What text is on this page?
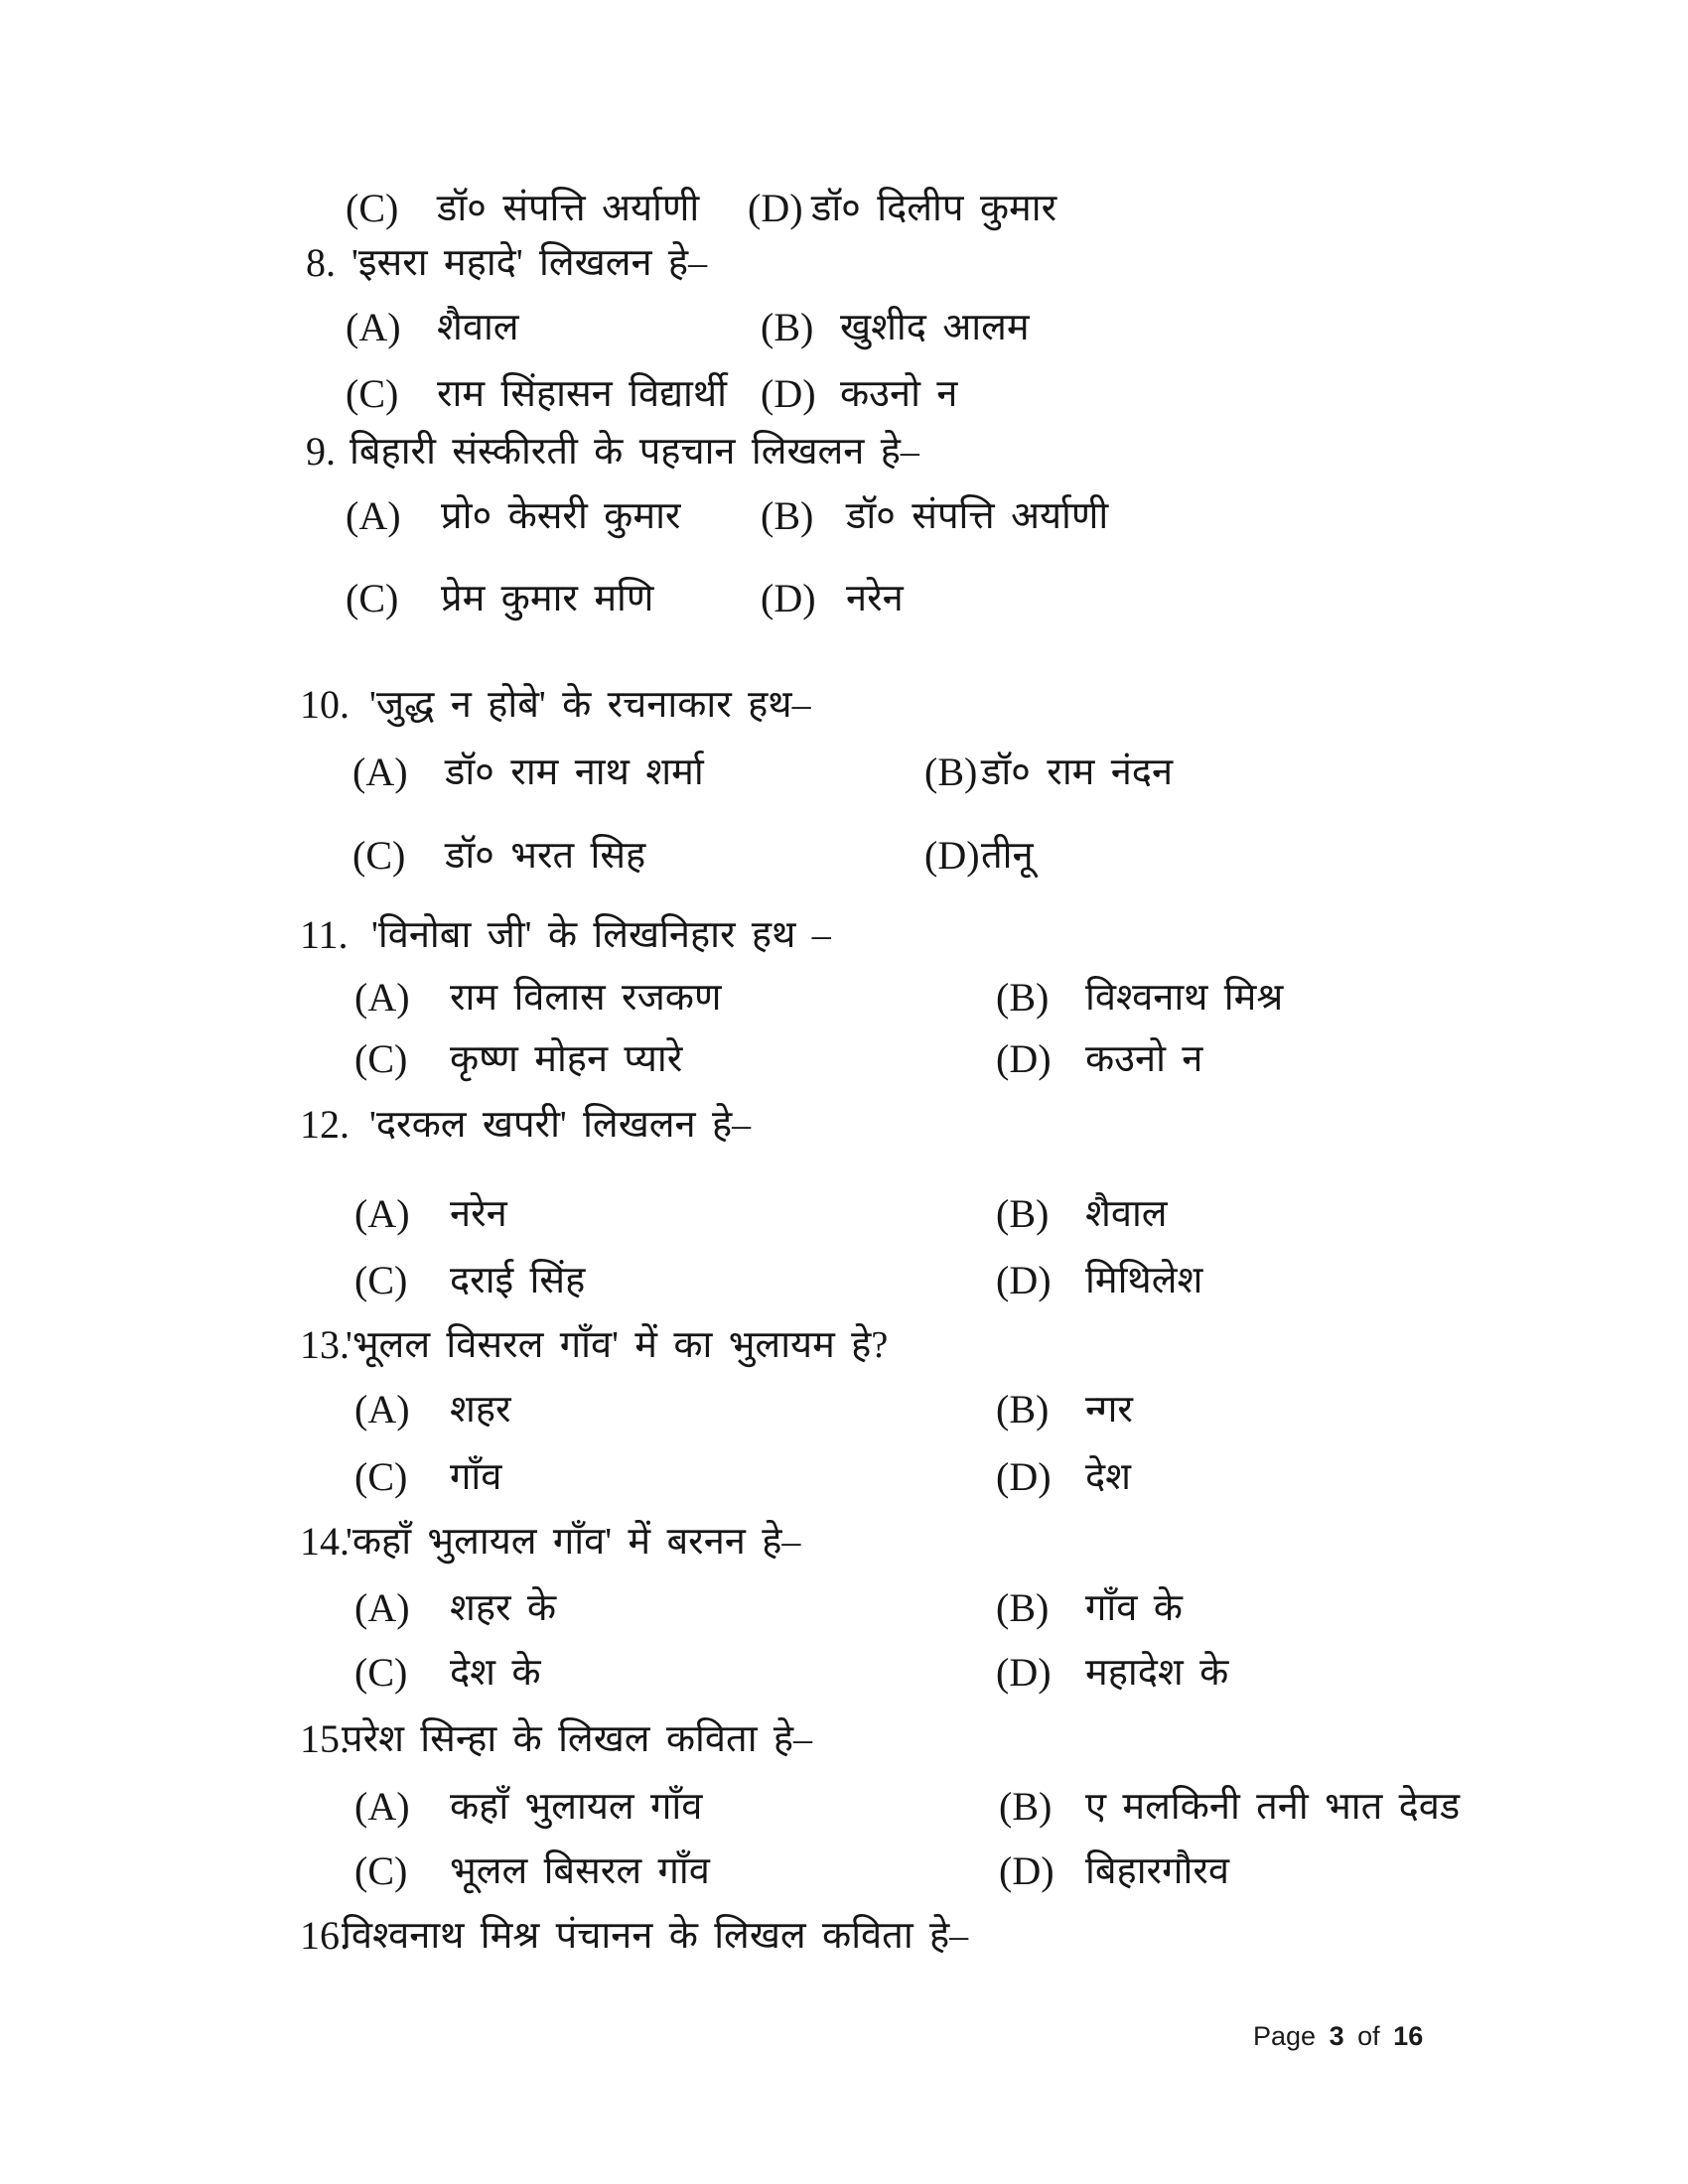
(C) डॉ० संपत्ति अर्याणी (D) डॉ० दिलीप कुमार
8. 'इसरा महादे' लिखलन हे–
(A) शैवाल	(B) खुशीद आलम
(C) राम सिंहासन विद्यार्थी (D) कउनो न
9. बिहारी संस्कीरती के पहचान लिखलन हे–
(A) प्रो० केसरी कुमार (B) डॉ० संपत्ति अर्याणी
(C) प्रेम कुमार मणि	(D) नरेन
10. 'जुद्ध न होबे' के रचनाकार हथ–
(A) डॉ० राम नाथ शर्मा	(B) डॉ० राम नंदन
(C) डॉ० भरत सिह	(D) तीनू
11. 'विनोबा जी' के लिखनिहार हथ –
(A) राम विलास रजकण	(B) विश्वनाथ मिश्र
(C) कृष्ण मोहन प्यारे	(D) कउनो न
12. 'दरकल खपरी' लिखलन हे–
(A) नरेन	(B) शैवाल
(C) दराई सिंह	(D) मिथिलेश
13.
'भूलल विसरल गाँव' में का भुलायम हे?
(A) शहर	(B) न्गर
(C) गाँव	(D) देश
14.
'कहाँ भुलायल गाँव' में बरनन हे–
(A) शहर के	(B) गाँव के
(C) देश के	(D) महादेश के
15.
परेश सिन्हा के लिखल कविता हे–
(A) कहाँ भुलायल गाँव	(B) ए मलकिनी तनी भात देवड
(C) भूलल बिसरल गाँव	(D) बिहारगौरव
16.
विश्वनाथ मिश्र पंचानन के लिखल कविता हे–
Page 3 of 16
